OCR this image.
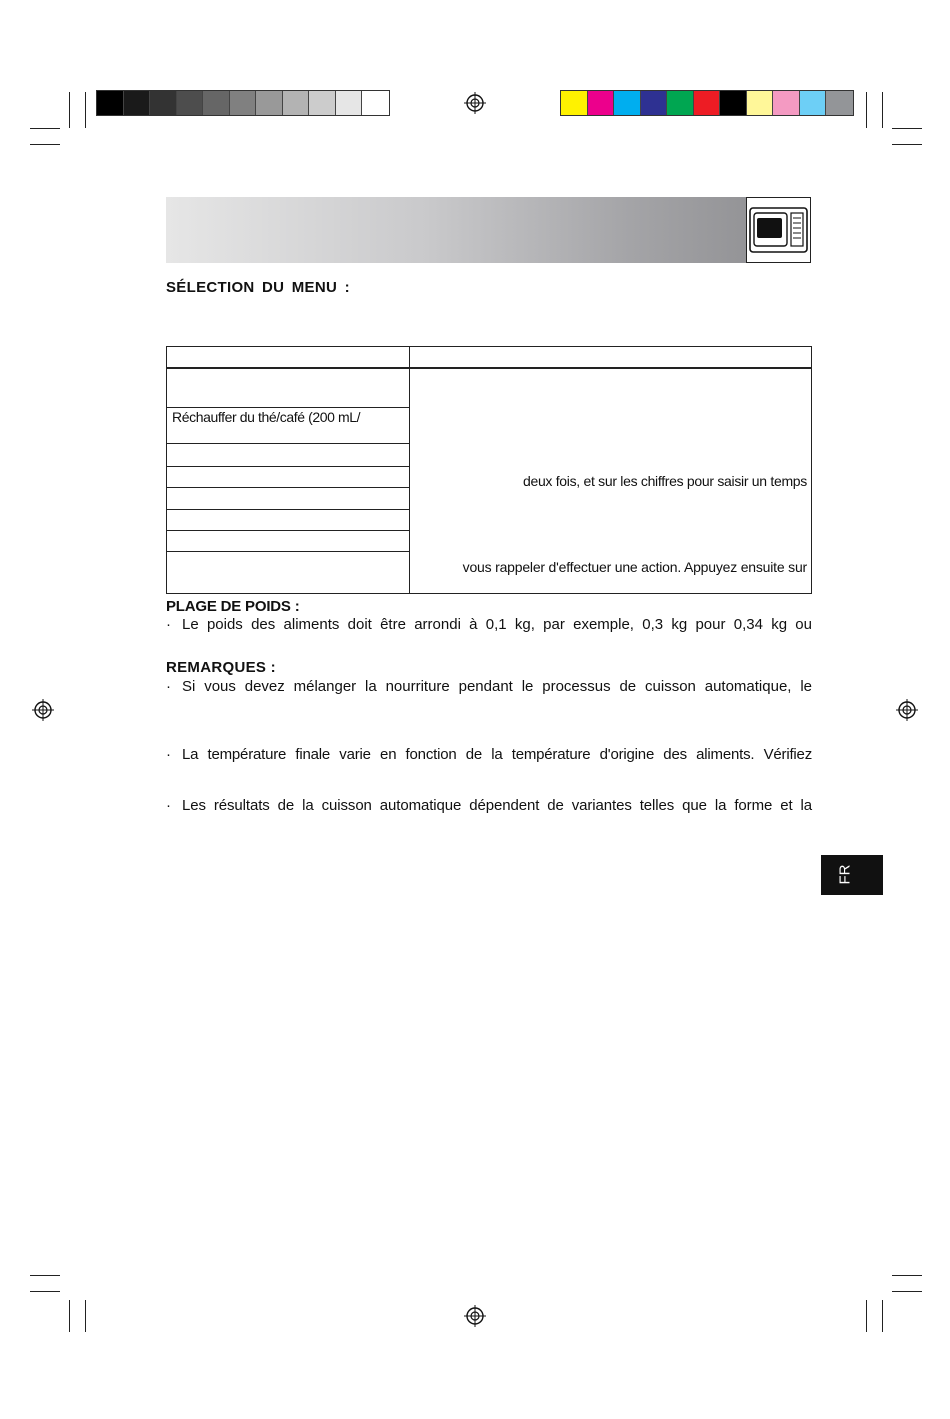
SÉLECTION DU MENU :
Réchauffer du thé/café (200 mL/
deux fois, et sur les chiffres pour saisir un temps
vous rappeler d'effectuer une action. Appuyez ensuite sur
PLAGE DE POIDS :
· Le poids des aliments doit être arrondi à 0,1 kg, par exemple, 0,3 kg pour 0,34 kg ou
REMARQUES :
· Si vous devez mélanger la nourriture pendant le processus de cuisson automatique, le
· La température finale varie en fonction de la température d'origine des aliments. Vérifiez
· Les résultats de la cuisson automatique dépendent de variantes telles que la forme et la
FR
